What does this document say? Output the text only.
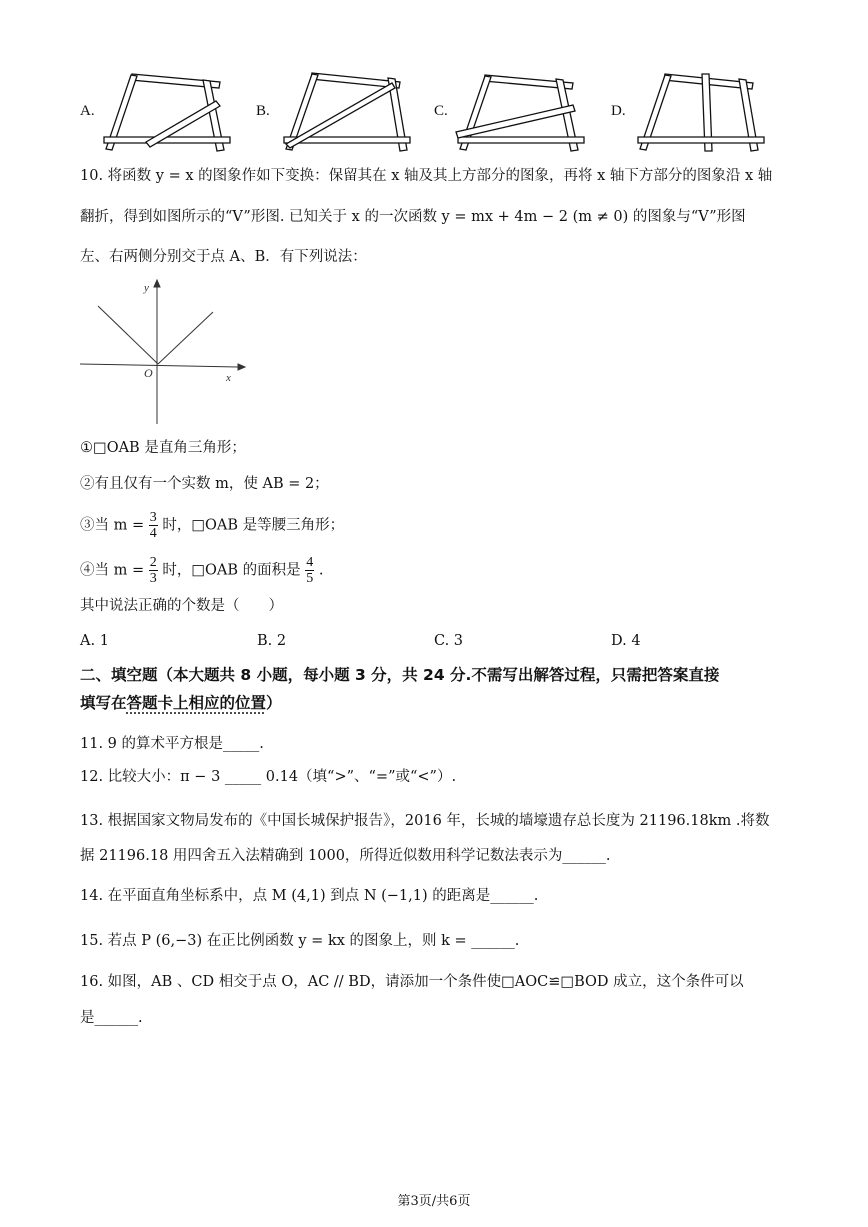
A.	B.	C.	D.
10. 将函数 y = x 的图象作如下变换：保留其在 x 轴及其上方部分的图象，再将 x 轴下方部分的图象沿 x 轴
翻折，得到如图所示的“V”形图. 已知关于 x 的一次函数 y = mx + 4m − 2 (m ≠ 0) 的图象与“V”形图
左、右两侧分别交于点 A、B．有下列说法：
y
O	x
①□OAB 是直角三角形；
②有且仅有一个实数 m，使 AB = 2；
③当 $m = \frac{3}{4}$ 时，□OAB 是等腰三角形；
④当 $m = \frac{2}{3}$ 时，□OAB 的面积是 $\frac{4}{5}$ .
其中说法正确的个数是（　　）
A. 1	B. 2	C. 3	D. 4
二、填空题（本大题共 8 小题，每小题 3 分，共 24 分.不需写出解答过程，只需把答案直接
填写在答题卡上相应的位置）
11. 9 的算术平方根是_____.
12. 比较大小：π − 3 _____ 0.14（填“>”、“=”或“<”）.
13. 根据国家文物局发布的《中国长城保护报告》，2016 年，长城的墙壕遗存总长度为 21196.18km .将数
据 21196.18 用四舍五入法精确到 1000，所得近似数用科学记数法表示为______.
14. 在平面直角坐标系中，点 M (4,1) 到点 N (−1,1) 的距离是______.
15. 若点 P (6,−3) 在正比例函数 y = kx 的图象上，则 k = ______.
16. 如图，AB 、CD 相交于点 O，AC // BD，请添加一个条件使□AOC≌□BOD 成立，这个条件可以
是______.
第3页/共6页
